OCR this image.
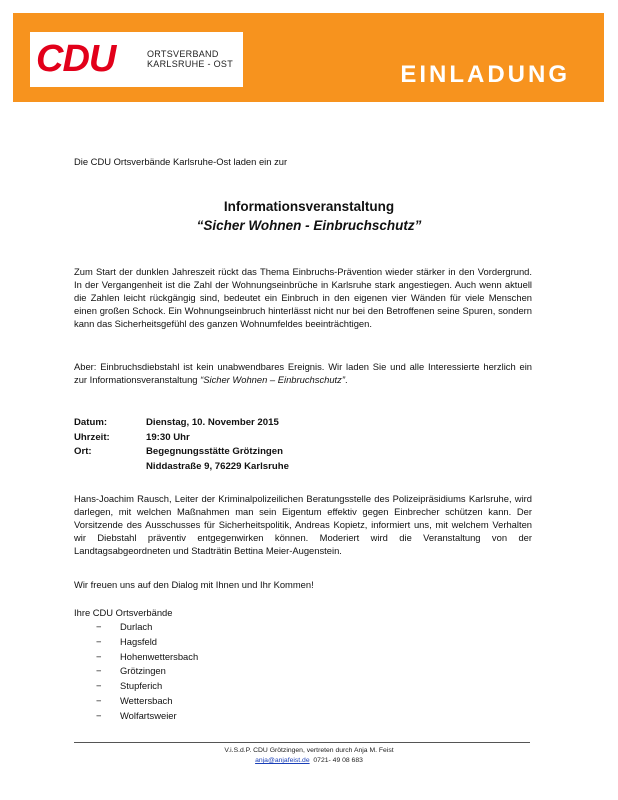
CDU	ORTSVERBAND
KARLSRUHE - OST	EINLADUNG
Die CDU Ortsverbände Karlsruhe-Ost laden ein zur
Informationsveranstaltung
“Sicher Wohnen - Einbruchschutz”

Zum Start der dunklen Jahreszeit rückt das Thema Einbruchs-Prävention wieder stärker in den Vordergrund. In der Vergangenheit ist die Zahl der Wohnungseinbrüche in Karlsruhe stark angestiegen. Auch wenn aktuell die Zahlen leicht rückgängig sind, bedeutet ein Einbruch in den eigenen vier Wänden für viele Menschen einen großen Schock. Ein Wohnungseinbruch hinterlässt nicht nur bei den Betroffenen seine Spuren, sondern kann das Sicherheitsgefühl des ganzen Wohnumfeldes beeinträchtigen.

Aber: Einbruchsdiebstahl ist kein unabwendbares Ereignis. Wir laden Sie und alle Interessierte herzlich ein zur Informationsveranstaltung “Sicher Wohnen – Einbruchschutz”.

Datum:	Dienstag, 10. November 2015
Uhrzeit:	19:30 Uhr
Ort:	Begegnungsstätte Grötzingen
Niddastraße 9, 76229 Karlsruhe

Hans-Joachim Rausch, Leiter der Kriminalpolizeilichen Beratungsstelle des Polizeipräsidiums Karlsruhe, wird darlegen, mit welchen Maßnahmen man sein Eigentum effektiv gegen Einbrecher schützen kann. Der Vorsitzende des Ausschusses für Sicherheitspolitik, Andreas Kopietz, informiert uns, mit welchem Verhalten wir Diebstahl präventiv entgegenwirken können. Moderiert wird die Veranstaltung von der Landtagsabgeordneten und Stadträtin Bettina Meier-Augenstein.

Wir freuen uns auf den Dialog mit Ihnen und Ihr Kommen!

Ihre CDU Ortsverbände
−	Durlach
−	Hagsfeld
−	Hohenwettersbach
−	Grötzingen
−	Stupferich
−	Wettersbach
−	Wolfartsweier
V.i.S.d.P. CDU Grötzingen, vertreten durch Anja M. Feist
anja@anjafeist.de 0721- 49 08 683
